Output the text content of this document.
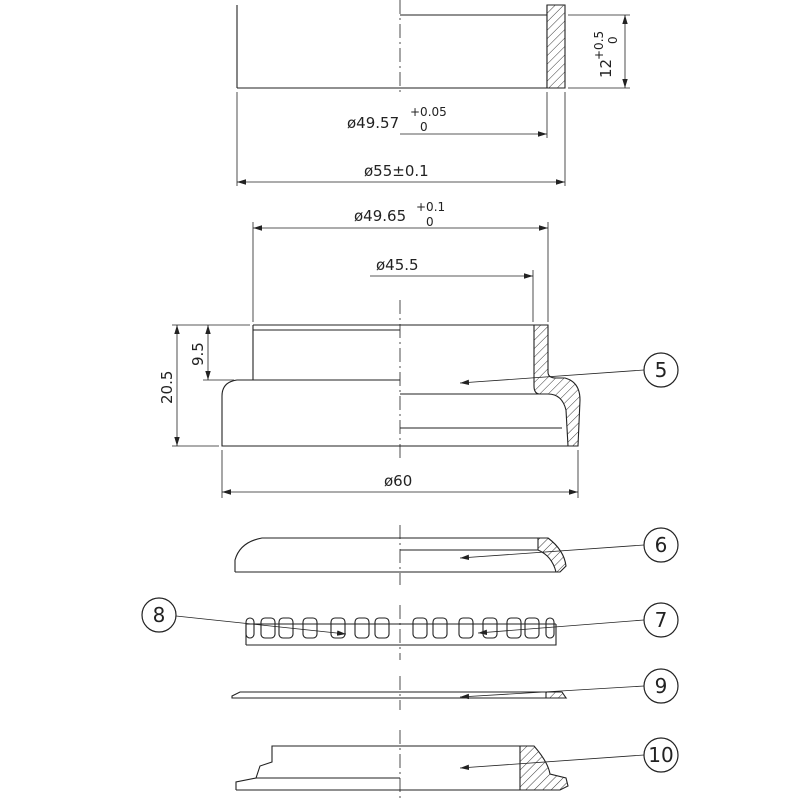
12
+0.5 0
ø49.57
+0.05
0
ø55±0.1
ø49.65 +0.1
0
ø45.5
9.5
20.5
ø60
5
6
8	7
9
10
